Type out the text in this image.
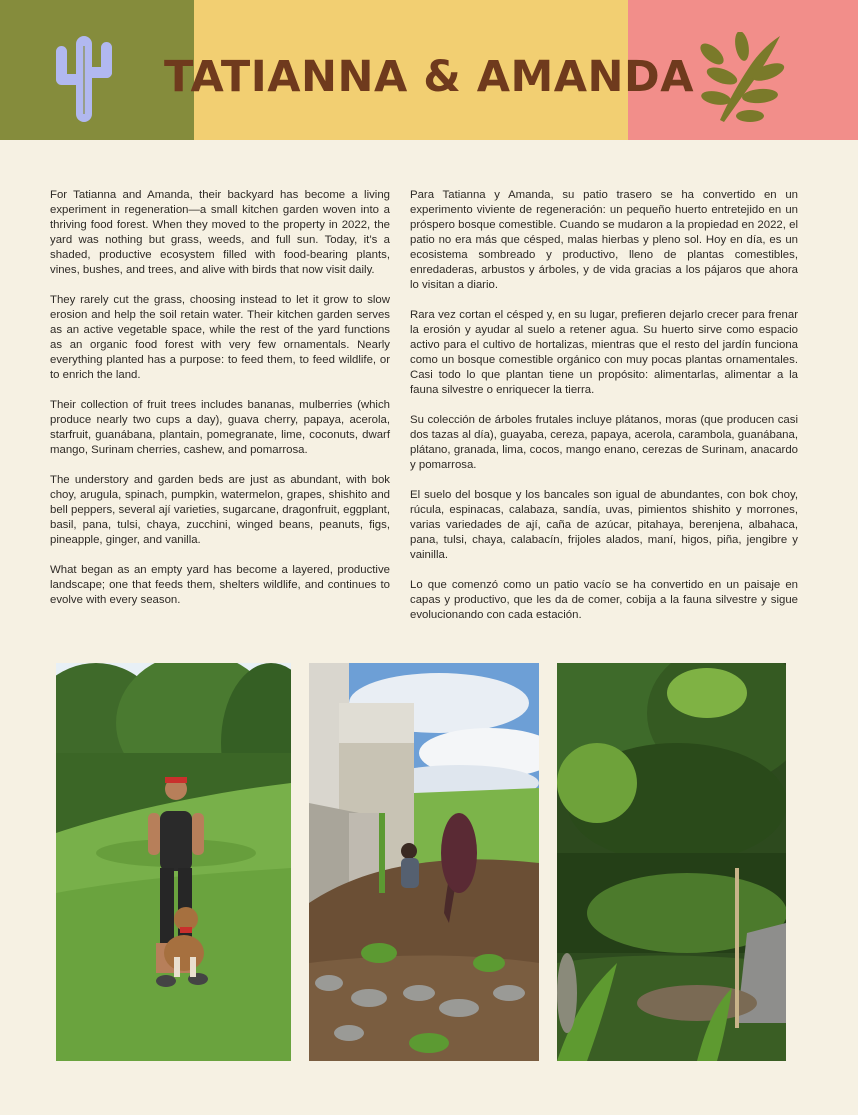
TATIANNA & AMANDA

For Tatianna and Amanda, their backyard has become a living experiment in regeneration—a small kitchen garden woven into a thriving food forest. When they moved to the property in 2022, the yard was nothing but grass, weeds, and full sun. Today, it’s a shaded, productive ecosystem filled with food-bearing plants, vines, bushes, and trees, and alive with birds that now visit daily.

They rarely cut the grass, choosing instead to let it grow to slow erosion and help the soil retain water. Their kitchen garden serves as an active vegetable space, while the rest of the yard functions as an organic food forest with very few ornamentals. Nearly everything planted has a purpose: to feed them, to feed wildlife, or to enrich the land.

Their collection of fruit trees includes bananas, mulberries (which produce nearly two cups a day), guava cherry, papaya, acerola, starfruit, guanábana, plantain, pomegranate, lime, coconuts, dwarf mango, Surinam cherries, cashew, and pomarrosa.

The understory and garden beds are just as abundant, with bok choy, arugula, spinach, pumpkin, watermelon, grapes, shishito and bell peppers, several ají varieties, sugarcane, dragonfruit, eggplant, basil, pana, tulsi, chaya, zucchini, winged beans, peanuts, figs, pineapple, ginger, and vanilla.

What began as an empty yard has become a layered, productive landscape; one that feeds them, shelters wildlife, and continues to evolve with every season.

Para Tatianna y Amanda, su patio trasero se ha convertido en un experimento viviente de regeneración: un pequeño huerto entretejido en un próspero bosque comestible. Cuando se mudaron a la propiedad en 2022, el patio no era más que césped, malas hierbas y pleno sol. Hoy en día, es un ecosistema sombreado y productivo, lleno de plantas comestibles, enredaderas, arbustos y árboles, y de vida gracias a los pájaros que ahora lo visitan a diario.

Rara vez cortan el césped y, en su lugar, prefieren dejarlo crecer para frenar la erosión y ayudar al suelo a retener agua. Su huerto sirve como espacio activo para el cultivo de hortalizas, mientras que el resto del jardín funciona como un bosque comestible orgánico con muy pocas plantas ornamentales. Casi todo lo que plantan tiene un propósito: alimentarlas, alimentar a la fauna silvestre o enriquecer la tierra.

Su colección de árboles frutales incluye plátanos, moras (que producen casi dos tazas al día), guayaba, cereza, papaya, acerola, carambola, guanábana, plátano, granada, lima, cocos, mango enano, cerezas de Surinam, anacardo y pomarrosa.

El suelo del bosque y los bancales son igual de abundantes, con bok choy, rúcula, espinacas, calabaza, sandía, uvas, pimientos shishito y morrones, varias variedades de ají, caña de azúcar, pitahaya, berenjena, albahaca, pana, tulsi, chaya, calabacín, frijoles alados, maní, higos, piña, jengibre y vainilla.

Lo que comenzó como un patio vacío se ha convertido en un paisaje en capas y productivo, que les da de comer, cobija a la fauna silvestre y sigue evolucionando con cada estación.
